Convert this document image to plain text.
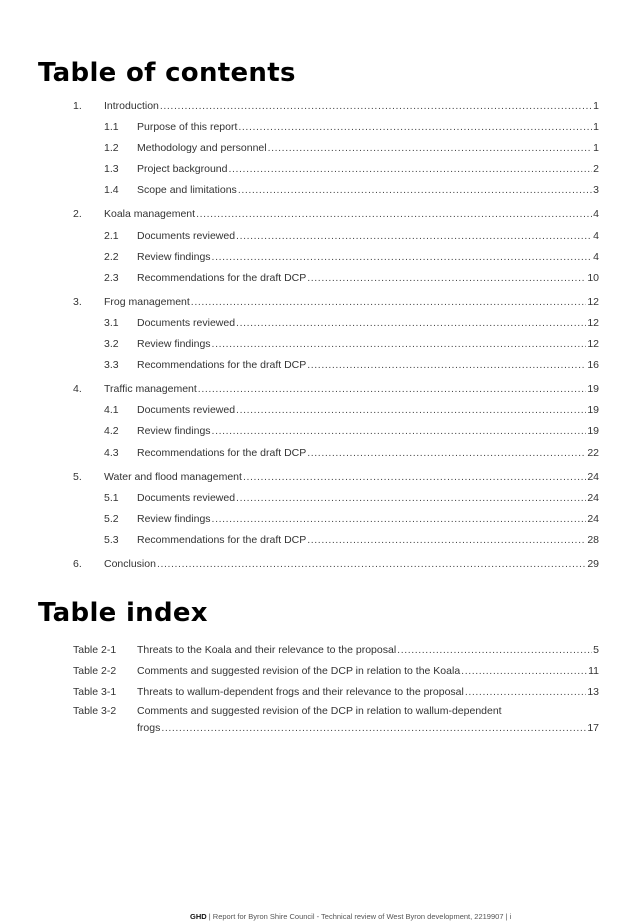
Table of contents
1. Introduction .....	1
1.1 Purpose of this report .....	1
1.2 Methodology and personnel .....	1
1.3 Project background .....	2
1.4 Scope and limitations .....	3
2. Koala management .....	4
2.1 Documents reviewed .....	4
2.2 Review findings .....	4
2.3 Recommendations for the draft DCP .....	10
3. Frog management .....	12
3.1 Documents reviewed .....	12
3.2 Review findings .....	12
3.3 Recommendations for the draft DCP .....	16
4. Traffic management .....	19
4.1 Documents reviewed .....	19
4.2 Review findings .....	19
4.3 Recommendations for the draft DCP .....	22
5. Water and flood management .....	24
5.1 Documents reviewed .....	24
5.2 Review findings .....	24
5.3 Recommendations for the draft DCP .....	28
6. Conclusion .....	29
Table index
Table 2-1 Threats to the Koala and their relevance to the proposal .....	5
Table 2-2 Comments and suggested revision of the DCP in relation to the Koala .....	11
Table 3-1 Threats to wallum-dependent frogs and their relevance to the proposal .....	13
Table 3-2 Comments and suggested revision of the DCP in relation to wallum-dependent
frogs .....	17
GHD | Report for Byron Shire Council - Technical review of West Byron development, 2219907 | i
